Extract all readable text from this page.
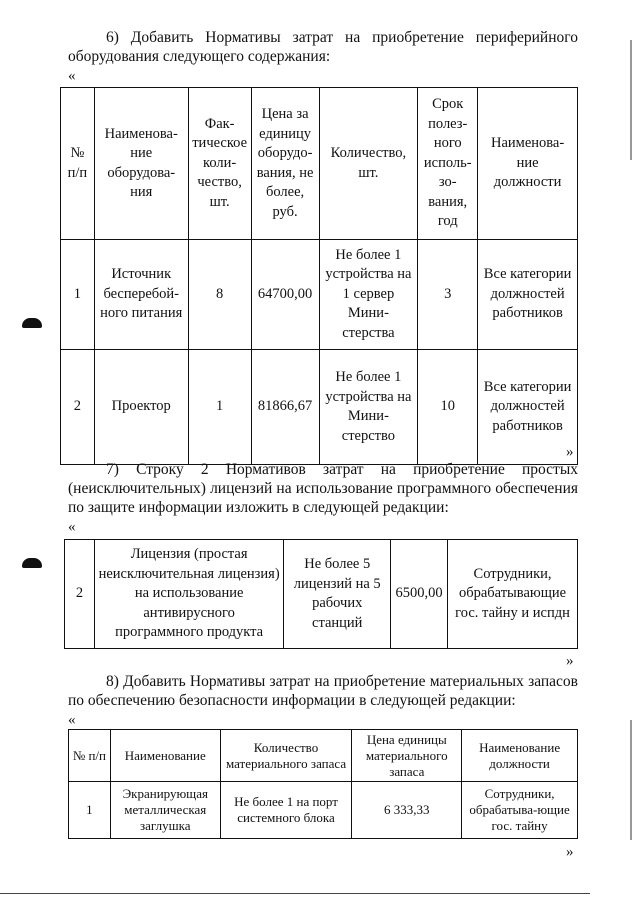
6) Добавить Нормативы затрат на приобретение периферийного оборудования следующего содержания:
«
№ п/п	Наименова-ние оборудова-ния	Фак-тическое коли-чество, шт.	Цена за единицу оборудо-вания, не более, руб.	Количество, шт.	Срок полез-ного исполь-зо-вания, год	Наименова-ние должности
1	Источник бесперебой-ного питания	8	64700,00	Не более 1 устройства на 1 сервер Мини-стерства	3	Все категории должностей работников
2	Проектор	1	81866,67	Не более 1 устройства на Мини-стерство	10	Все категории должностей работников
»
7) Строку 2 Нормативов затрат на приобретение простых (неисключительных) лицензий на использование программного обеспечения по защите информации изложить в следующей редакции:
«
2	Лицензия (простая неисключительная лицензия) на использование антивирусного программного продукта	Не более 5 лицензий на 5 рабочих станций	6500,00	Сотрудники, обрабатывающие гос. тайну и испдн
»
8) Добавить Нормативы затрат на приобретение материальных запасов по обеспечению безопасности информации в следующей редакции:
«
№ п/п	Наименование	Количество материального запаса	Цена единицы материального запаса	Наименование должности
1	Экранирующая металлическая заглушка	Не более 1 на порт системного блока	6 333,33	Сотрудники, обрабатыва-ющие гос. тайну
»
